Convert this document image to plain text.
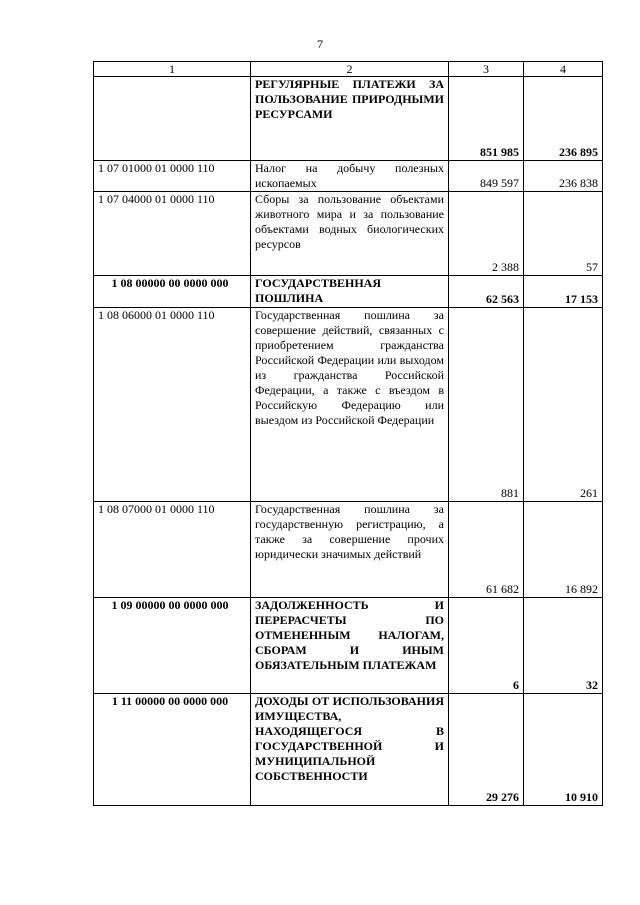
7
1	2	3	4
	РЕГУЛЯРНЫЕ ПЛАТЕЖИ ЗА ПОЛЬЗОВАНИЕ ПРИРОДНЫМИ РЕСУРСАМИ	851 985	236 895
1 07 01000 01 0000 110	Налог на добычу полезных ископаемых	849 597	236 838
1 07 04000 01 0000 110	Сборы за пользование объектами животного мира и за пользование объектами водных биологических ресурсов	2 388	57
1 08 00000 00 0000 000	ГОСУДАРСТВЕННАЯ ПОШЛИНА	62 563	17 153
1 08 06000 01 0000 110	Государственная пошлина за совершение действий, связанных с приобретением гражданства Российской Федерации или выходом из гражданства Российской Федерации, а также с въездом в Российскую Федерацию или выездом из Российской Федерации	881	261
1 08 07000 01 0000 110	Государственная пошлина за государственную регистрацию, а также за совершение прочих юридически значимых действий	61 682	16 892
1 09 00000 00 0000 000	ЗАДОЛЖЕННОСТЬ И ПЕРЕРАСЧЕТЫ ПО ОТМЕНЕННЫМ НАЛОГАМ, СБОРАМ И ИНЫМ ОБЯЗАТЕЛЬНЫМ ПЛАТЕЖАМ	6	32
1 11 00000 00 0000 000	ДОХОДЫ ОТ ИСПОЛЬЗОВАНИЯ ИМУЩЕСТВА, НАХОДЯЩЕГОСЯ В ГОСУДАРСТВЕННОЙ И МУНИЦИПАЛЬНОЙ СОБСТВЕННОСТИ	29 276	10 910
